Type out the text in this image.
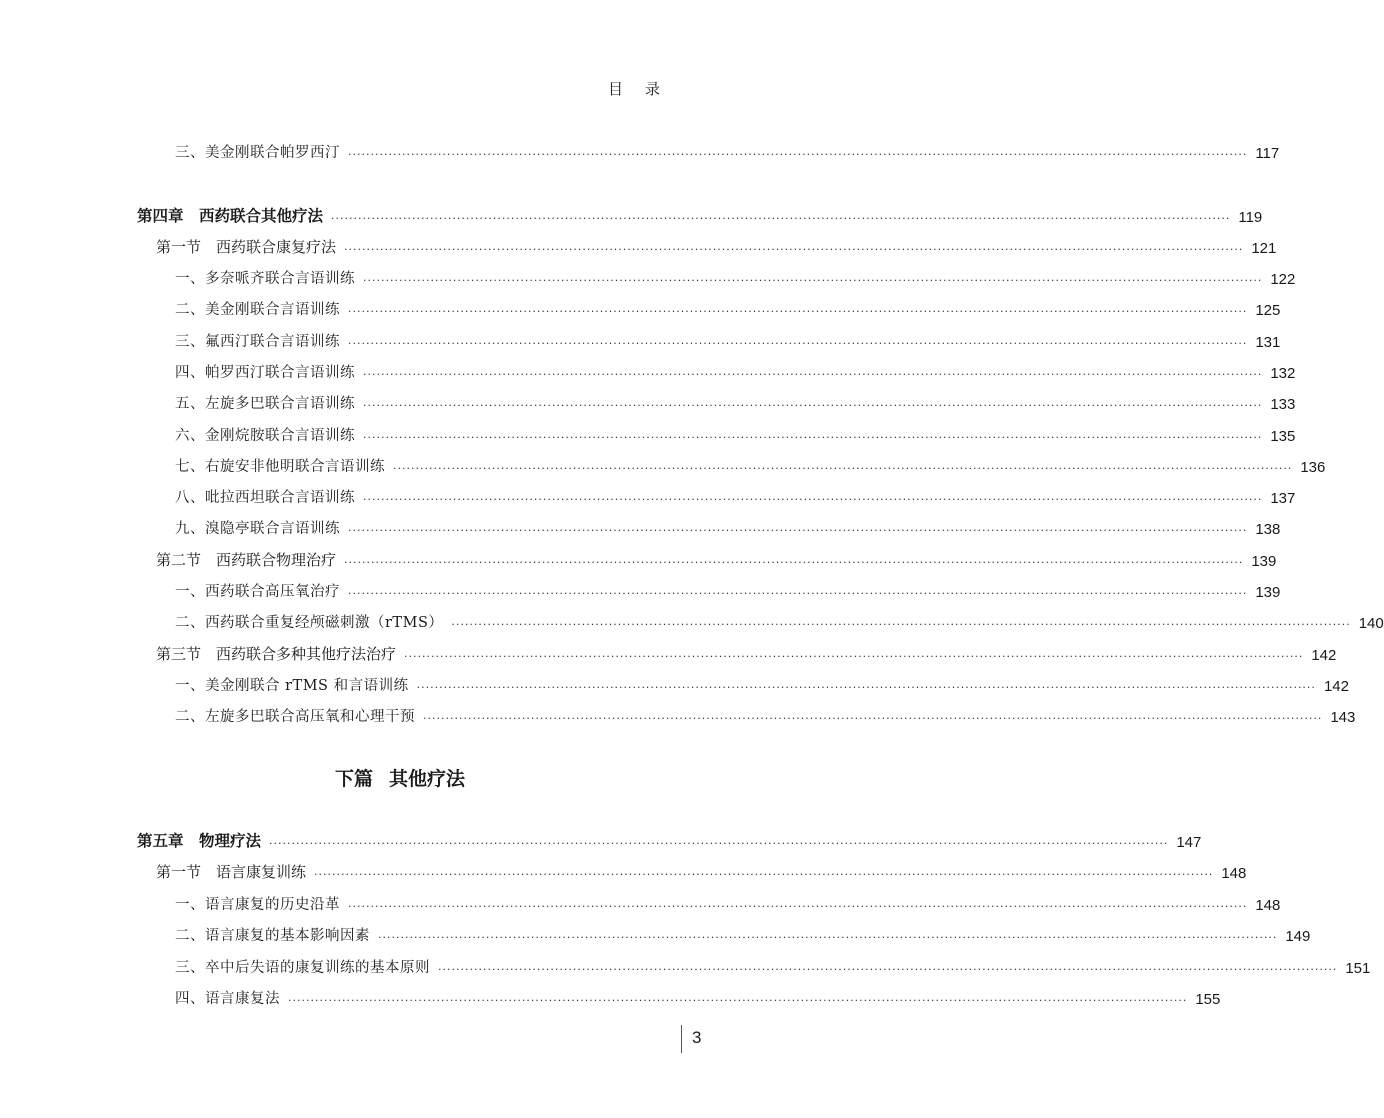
目录
三、美金刚联合帕罗西汀 ········································································································································································································ 117
第四章　西药联合其他疗法 ········································································································································································································ 119
第一节　西药联合康复疗法 ········································································································································································································ 121
一、多奈哌齐联合言语训练 ········································································································································································································ 122
二、美金刚联合言语训练 ········································································································································································································ 125
三、氟西汀联合言语训练 ········································································································································································································ 131
四、帕罗西汀联合言语训练 ········································································································································································································ 132
五、左旋多巴联合言语训练 ········································································································································································································ 133
六、金刚烷胺联合言语训练 ········································································································································································································ 135
七、右旋安非他明联合言语训练 ········································································································································································································ 136
八、吡拉西坦联合言语训练 ········································································································································································································ 137
九、溴隐亭联合言语训练 ········································································································································································································ 138
第二节　西药联合物理治疗 ········································································································································································································ 139
一、西药联合高压氧治疗 ········································································································································································································ 139
二、西药联合重复经颅磁刺激（rTMS） ········································································································································································································ 140
第三节　西药联合多种其他疗法治疗 ········································································································································································································ 142
一、美金刚联合 rTMS 和言语训练 ········································································································································································································ 142
二、左旋多巴联合高压氧和心理干预 ········································································································································································································ 143
第五章　物理疗法 ········································································································································································································ 147
第一节　语言康复训练 ········································································································································································································ 148
一、语言康复的历史沿革 ········································································································································································································ 148
二、语言康复的基本影响因素 ········································································································································································································ 149
三、卒中后失语的康复训练的基本原则 ········································································································································································································ 151
四、语言康复法 ········································································································································································································ 155
下篇 其他疗法
3
